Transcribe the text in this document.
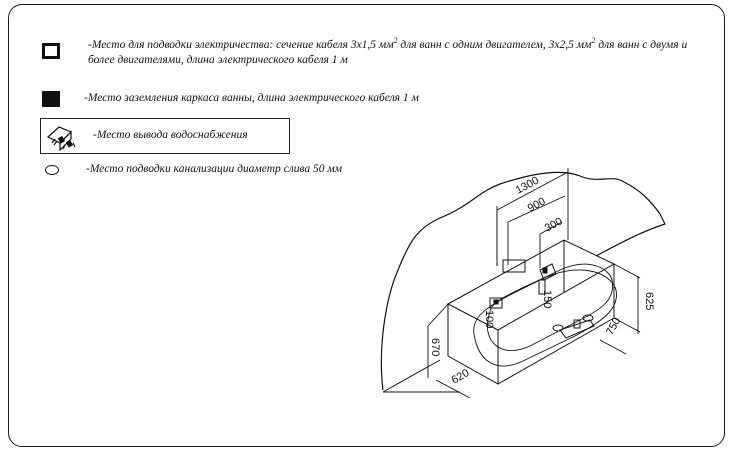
-Место для подводки электричества: сечение кабеля 3х1,5 $мм^2$ для ванн с одним двигателем, 3х2,5 $мм^2$ для ванн с двумя и
более двигателями, длина электрического кабеля 1 м
-Место заземления каркаса ванны, длина электрического кабеля 1 м
-Место вывода водоснабжения
-Место подводки канализации диаметр слива 50 мм
1300
900
300
150
100
625
750
670
620
